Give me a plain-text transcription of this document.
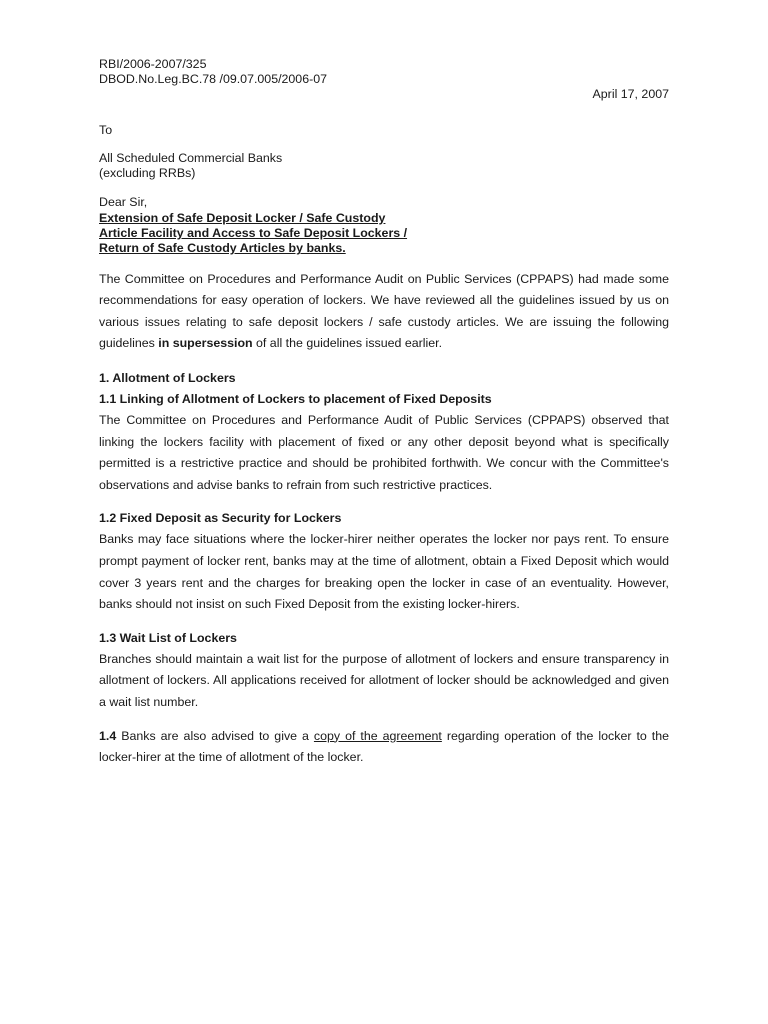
RBI/2006-2007/325
DBOD.No.Leg.BC.78 /09.07.005/2006-07
April 17, 2007
To
All Scheduled Commercial Banks
(excluding RRBs)
Dear Sir,
Extension of Safe Deposit Locker / Safe Custody
Article Facility and Access to Safe Deposit Lockers /
Return of Safe Custody Articles by banks.

The Committee on Procedures and Performance Audit on Public Services (CPPAPS) had made some recommendations for easy operation of lockers. We have reviewed all the guidelines issued by us on various issues relating to safe deposit lockers / safe custody articles. We are issuing the following guidelines in supersession of all the guidelines issued earlier.

1. Allotment of Lockers
1.1 Linking of Allotment of Lockers to placement of Fixed Deposits

The Committee on Procedures and Performance Audit of Public Services (CPPAPS) observed that linking the lockers facility with placement of fixed or any other deposit beyond what is specifically permitted is a restrictive practice and should be prohibited forthwith. We concur with the Committee's observations and advise banks to refrain from such restrictive practices.

1.2 Fixed Deposit as Security for Lockers

Banks may face situations where the locker-hirer neither operates the locker nor pays rent. To ensure prompt payment of locker rent, banks may at the time of allotment, obtain a Fixed Deposit which would cover 3 years rent and the charges for breaking open the locker in case of an eventuality. However, banks should not insist on such Fixed Deposit from the existing locker-hirers.

1.3 Wait List of Lockers

Branches should maintain a wait list for the purpose of allotment of lockers and ensure transparency in allotment of lockers. All applications received for allotment of locker should be acknowledged and given a wait list number.

1.4 Banks are also advised to give a copy of the agreement regarding operation of the locker to the locker-hirer at the time of allotment of the locker.
